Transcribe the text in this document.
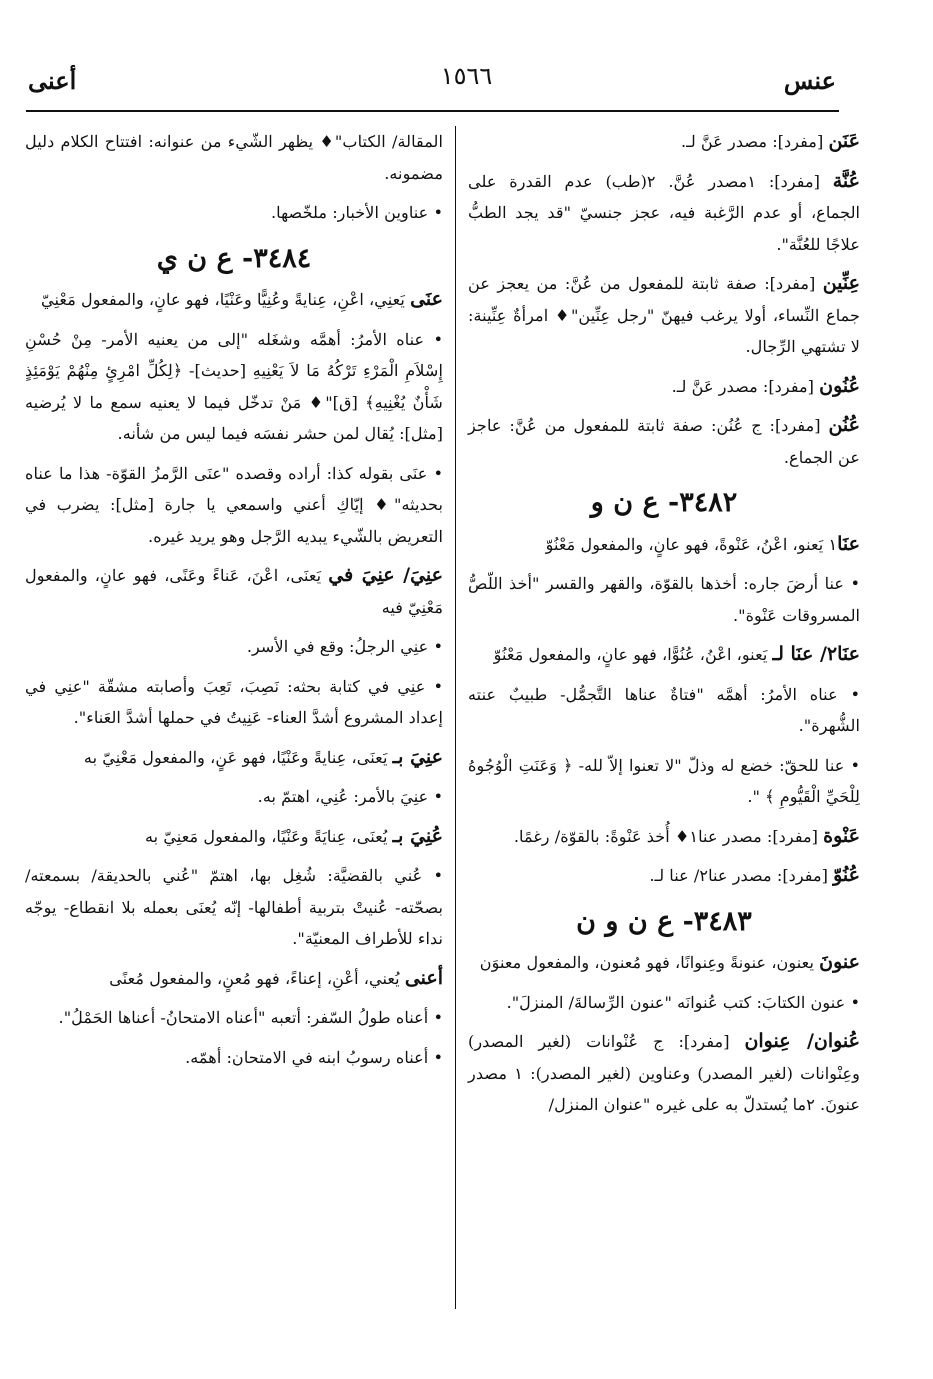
عنس
١٥٦٦
أعنى

عَنَن [مفرد]: مصدر عَنَّ لـ.

عُنَّة [مفرد]: ١مصدر عُنَّ. ٢(طب) عدم القدرة على الجماع، أو عدم الرَّغبة فيه، عجز جنسيّ "قد يجد الطبُّ علاجًا للعُنَّة".

عِنِّين [مفرد]: صفة ثابتة للمفعول من عُنَّ: من يعجز عن جماع النِّساء، أولا يرغب فيهنّ "رجل عِنِّين"♦ امرأةٌ عِنِّينة: لا تشتهي الرِّجال.

عُنُون [مفرد]: مصدر عَنَّ لـ.

عُنُن [مفرد]: ج عُنُن: صفة ثابتة للمفعول من عُنَّ: عاجز عن الجماع.

٣٤٨٢- ع ن و

عنَا١ يَعنو، اعْنُ، عَنْوةً، فهو عانٍ، والمفعول مَعْنُوّ

• عنا أرضَ جاره: أخذها بالقوّة، والقهر والقسر "أخذ اللّصُّ المسروقات عَنْوة".

عنَا٢/ عنَا لـ يَعنو، اعْنُ، عُنُوًّا، فهو عانٍ، والمفعول مَعْنُوّ

• عناه الأمرُ: أهمَّه "فتاةٌ عناها التَّجمُّل- طبيبٌ عنته الشُّهرة".

• عنا للحقّ: خضع له وذلّ "لا تعنوا إلاّ لله- ﴿ وَعَنَتِ الْوُجُوهُ لِلْحَيِّ الْقَيُّومِ ﴾ ".

عَنْوة [مفرد]: مصدر عنا١♦ أُخذ عَنْوةً: بالقوّة/ رغمًا.

عُنُوّ [مفرد]: مصدر عنا٢/ عنا لـ.

٣٤٨٣- ع ن و ن

عنونَ يعنون، عنونةً وعِنوانًا، فهو مُعنون، والمفعول معنوَن

• عنون الكتابَ: كتب عُنوانَه "عنون الرِّسالةَ/ المنزلَ".

عُنوان/ عِنوان [مفرد]: ج عُنْوانات (لغير المصدر) وعِنْوانات (لغير المصدر) وعناوين (لغير المصدر): ١ مصدر عنونَ. ٢ما يُستدلّ به على غيره "عنوان المنزل/

المقالة/ الكتاب"♦ يظهر الشّيء من عنوانه: افتتاح الكلام دليل مضمونه.

• عناوين الأخبار: ملخّصها.

٣٤٨٤- ع ن ي

عنَى يَعنِي، اعْنِ، عِنايةً وعُنِيًّا وعَنْيًا، فهو عانٍ، والمفعول مَعْنِيّ

• عناه الأمرُ: أهمَّه وشغَله "إلى من يعنيه الأمر- مِنْ حُسْنِ إِسْلاَمِ الْمَرْءِ تَرْكُهُ مَا لاَ يَعْنِيهِ [حديث]- ﴿لِكُلِّ امْرِئٍ مِنْهُمْ يَوْمَئِذٍ شَأْنٌ يُغْنِيهِ﴾ [ق]"♦ مَنْ تدخّل فيما لا يعنيه سمع ما لا يُرضيه [مثل]: يُقال لمن حشر نفسَه فيما ليس من شأنه.

• عنَى بقوله كذا: أراده وقصده "عنَى الرَّمزُ القوّة- هذا ما عناه بحديثه"♦ إيّاكِ أعني واسمعي يا جارة [مثل]: يضرب في التعريض بالشّيء يبديه الرَّجل وهو يريد غيره.

عنِيَ/ عنِيَ في يَعنَى، اعْنَ، عَناءً وعَنًى، فهو عانٍ، والمفعول مَعْنِيّ فيه

• عنِي الرجلُ: وقع في الأسر.

• عنِي في كتابة بحثه: نَصِبَ، تَعِبَ وأصابته مشقّة "عنِي في إعداد المشروع أشدَّ العناء- عَنِيتُ في حملها أشدَّ العَناء".

عنِيَ بـ يَعنَى، عِنايةً وعَنْيًا، فهو عَنٍ، والمفعول مَعْنِيّ به

• عنِيَ بالأمر: عُنِي، اهتمّ به.

عُنِيَ بـ يُعنَى، عِنايَةً وعَنْيًا، والمفعول مَعنِيّ به

• عُني بالقضيَّة: شُغِل بها، اهتمّ "عُني بالحديقة/ بسمعته/ بصحّته- عُنيتْ بتربية أطفالها- إنّه يُعنَى بعمله بلا انقطاع- يوجّه نداء للأطراف المعنيّة".

أعنى يُعني، أعْنِ، إعناءً، فهو مُعنٍ، والمفعول مُعنًى

• أعناه طولُ السّفر: أتعبه "أعناه الامتحانُ- أعناها الحَمْلُ".

• أعناه رسوبُ ابنه في الامتحان: أهمّه.
